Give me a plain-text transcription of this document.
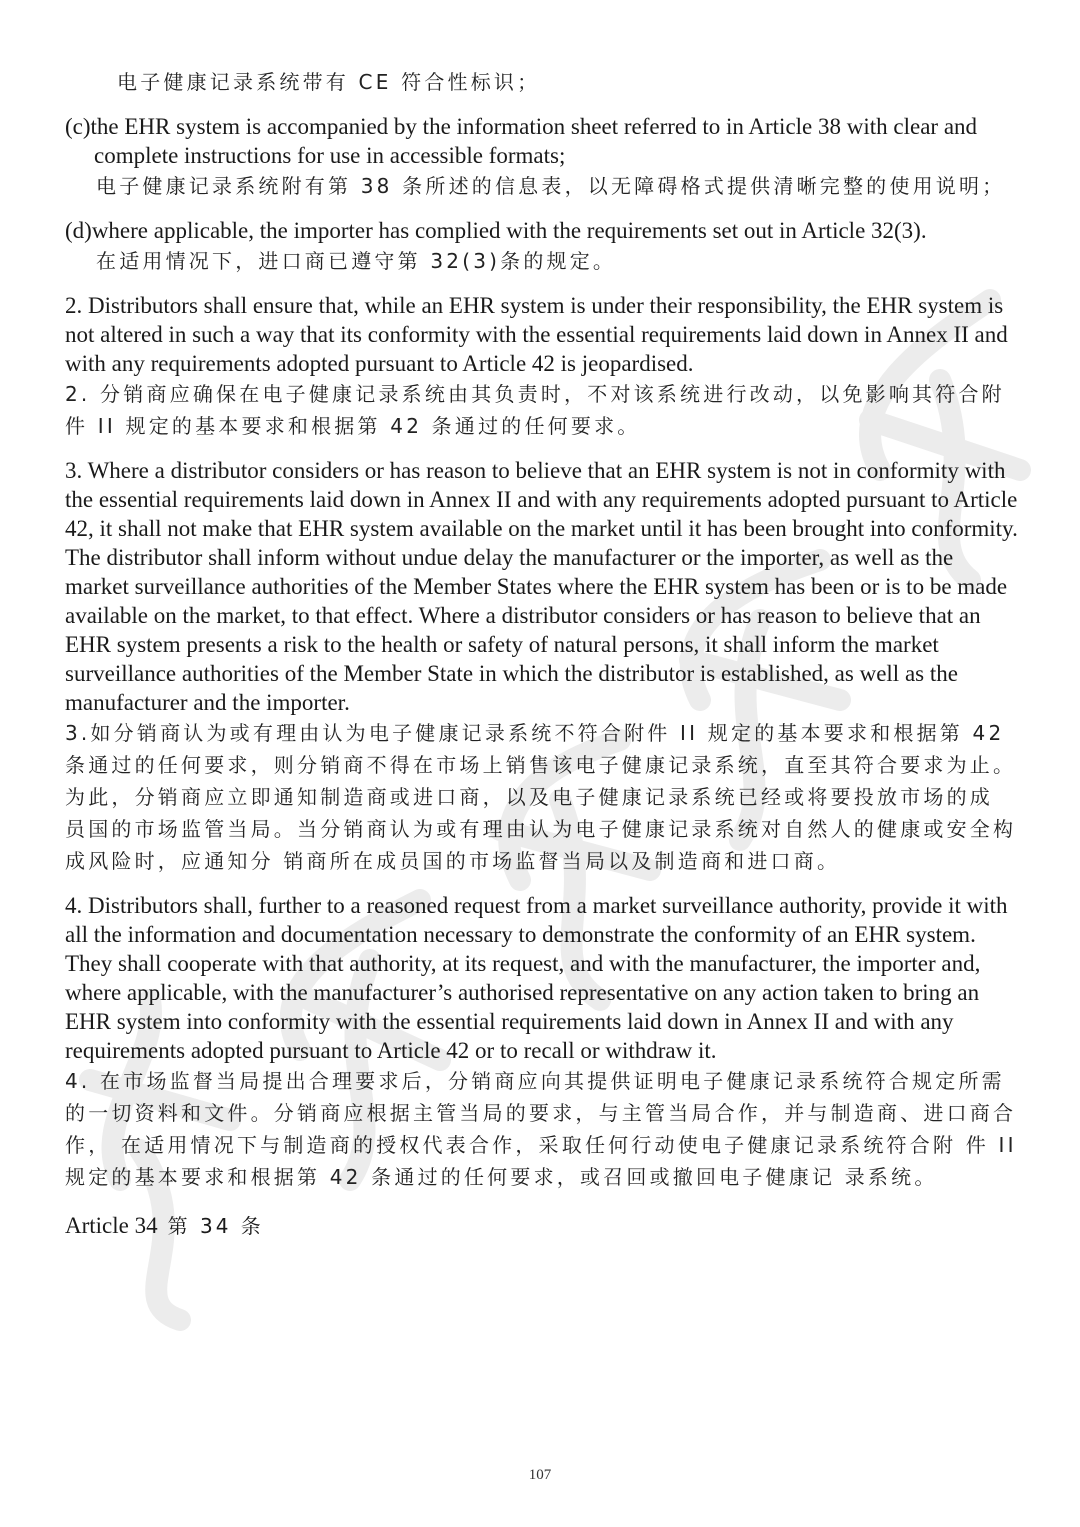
电子健康记录系统带有 CE 符合性标识；

(c)the EHR system is accompanied by the information sheet referred to in Article 38 with clear and complete instructions for use in accessible formats;

电子健康记录系统附有第 38 条所述的信息表，以无障碍格式提供清晰完整的使用说明；

(d)where applicable, the importer has complied with the requirements set out in Article 32(3).

在适用情况下，进口商已遵守第 32(3)条的规定。

2. Distributors shall ensure that, while an EHR system is under their responsibility, the EHR system is not altered in such a way that its conformity with the essential requirements laid down in Annex II and with any requirements adopted pursuant to Article 42 is jeopardised.

2. 分销商应确保在电子健康记录系统由其负责时，不对该系统进行改动，以免影响其符合附件 II 规定的基本要求和根据第 42 条通过的任何要求。

3. Where a distributor considers or has reason to believe that an EHR system is not in conformity with the essential requirements laid down in Annex II and with any requirements adopted pursuant to Article 42, it shall not make that EHR system available on the market until it has been brought into conformity. The distributor shall inform without undue delay the manufacturer or the importer, as well as the market surveillance authorities of the Member States where the EHR system has been or is to be made available on the market, to that effect. Where a distributor considers or has reason to believe that an EHR system presents a risk to the health or safety of natural persons, it shall inform the market surveillance authorities of the Member State in which the distributor is established, as well as the manufacturer and the importer.

3.如分销商认为或有理由认为电子健康记录系统不符合附件 II 规定的基本要求和根据第 42 条通过的任何要求，则分销商不得在市场上销售该电子健康记录系统，直至其符合要求为止。为此，分销商应立即通知制造商或进口商，以及电子健康记录系统已经或将要投放市场的成 员国的市场监管当局。当分销商认为或有理由认为电子健康记录系统对自然人的健康或安全构成风险时，应通知分 销商所在成员国的市场监督当局以及制造商和进口商。

4. Distributors shall, further to a reasoned request from a market surveillance authority, provide it with all the information and documentation necessary to demonstrate the conformity of an EHR system. They shall cooperate with that authority, at its request, and with the manufacturer, the importer and, where applicable, with the manufacturer’s authorised representative on any action taken to bring an EHR system into conformity with the essential requirements laid down in Annex II and with any requirements adopted pursuant to Article 42 or to recall or withdraw it.

4. 在市场监督当局提出合理要求后，分销商应向其提供证明电子健康记录系统符合规定所需的一切资料和文件。分销商应根据主管当局的要求，与主管当局合作，并与制造商、进口商合作， 在适用情况下与制造商的授权代表合作，采取任何行动使电子健康记录系统符合附 件 II 规定的基本要求和根据第 42 条通过的任何要求，或召回或撤回电子健康记 录系统。

Article 34 第 34 条

107
